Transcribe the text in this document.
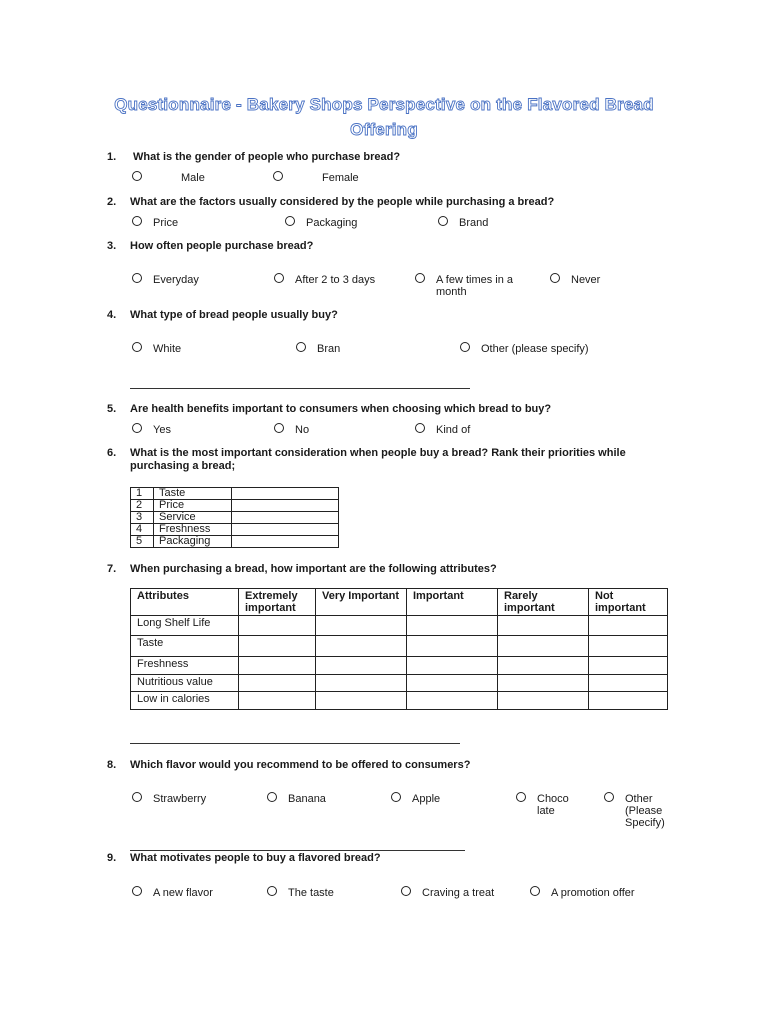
Questionnaire - Bakery Shops Perspective on the Flavored Bread Offering
1. What is the gender of people who purchase bread?
Male	Female
2. What are the factors usually considered by the people while purchasing a bread?
Price	Packaging	Brand
3. How often people purchase bread?
Everyday	After 2 to 3 days	A few times in a month
Never
4. What type of bread people usually buy?
White	Bran	Other (please specify)
5. Are health benefits important to consumers when choosing which bread to buy?
Yes	No	Kind of
6. What is the most important consideration when people buy a bread? Rank their priorities while purchasing a bread;
1	Taste	
2	Price	
3	Service	
4	Freshness	
5	Packaging	
7. When purchasing a bread, how important are the following attributes?
Attributes	Extremely important	Very Important	Important	Rarely important	Not important
Long Shelf Life					
Taste					
Freshness					
Nutritious value					
Low in calories					
8. Which flavor would you recommend to be offered to consumers?
Strawberry	Banana	Apple	Choco late
Other (Please Specify)
9. What motivates people to buy a flavored bread?
A new flavor	The taste	Craving a treat	A promotion offer
